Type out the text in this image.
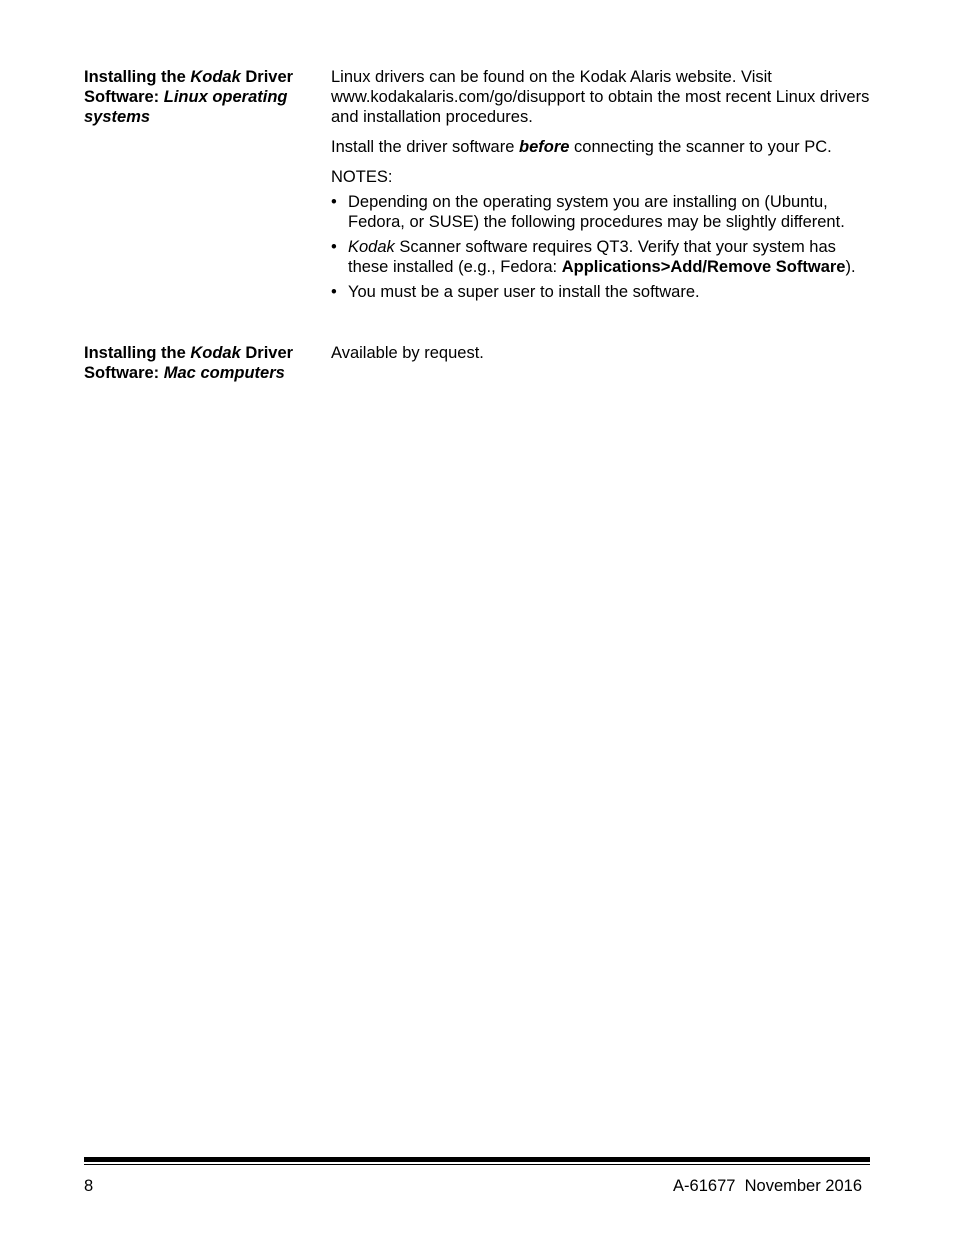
Installing the Kodak Driver Software: Linux operating systems

Linux drivers can be found on the Kodak Alaris website. Visit www.kodakalaris.com/go/disupport to obtain the most recent Linux drivers and installation procedures.

Install the driver software before connecting the scanner to your PC.

NOTES:

• Depending on the operating system you are installing on (Ubuntu, Fedora, or SUSE) the following procedures may be slightly different.
• Kodak Scanner software requires QT3. Verify that your system has these installed (e.g., Fedora: Applications>Add/Remove Software).
• You must be a super user to install the software.
Installing the Kodak Driver Software: Mac computers

Available by request.

8	A-61677  November 2016
